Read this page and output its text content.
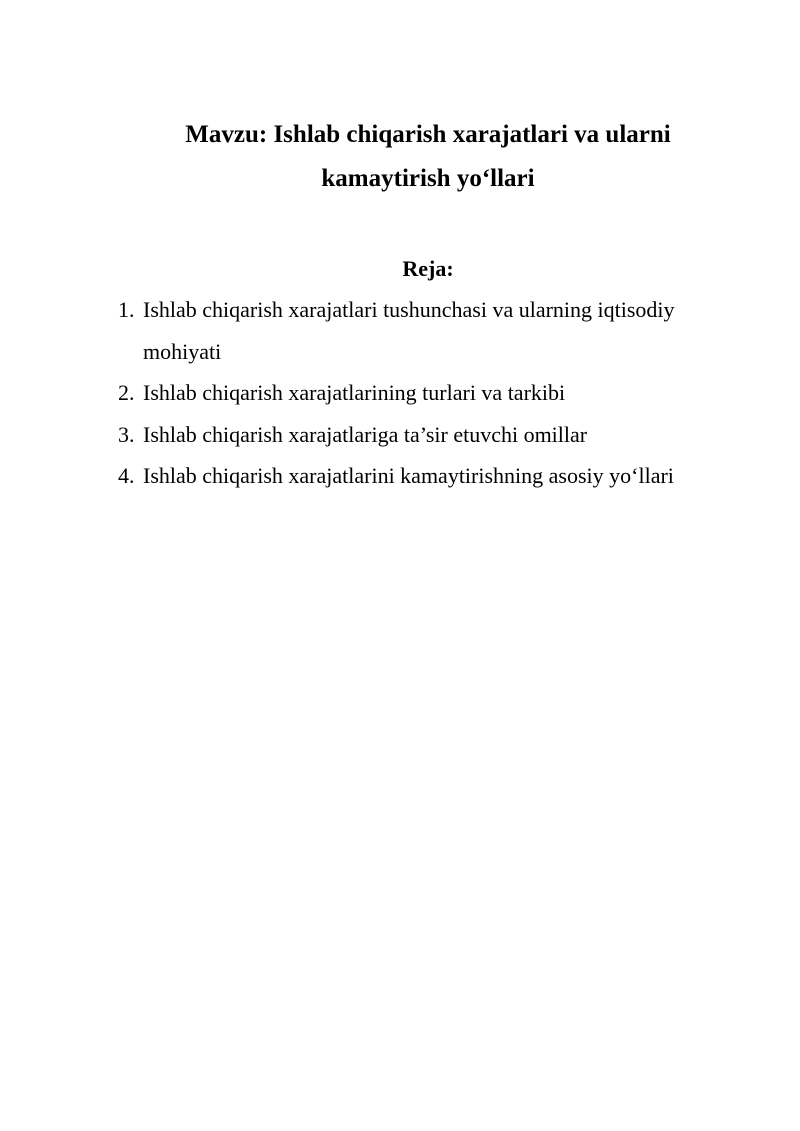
Mavzu: Ishlab chiqarish xarajatlari va ularni
kamaytirish yo‘llari
Reja:
1. Ishlab chiqarish xarajatlari tushunchasi va ularning iqtisodiy
mohiyati
2. Ishlab chiqarish xarajatlarining turlari va tarkibi
3. Ishlab chiqarish xarajatlariga ta’sir etuvchi omillar
4. Ishlab chiqarish xarajatlarini kamaytirishning asosiy yo‘llari
